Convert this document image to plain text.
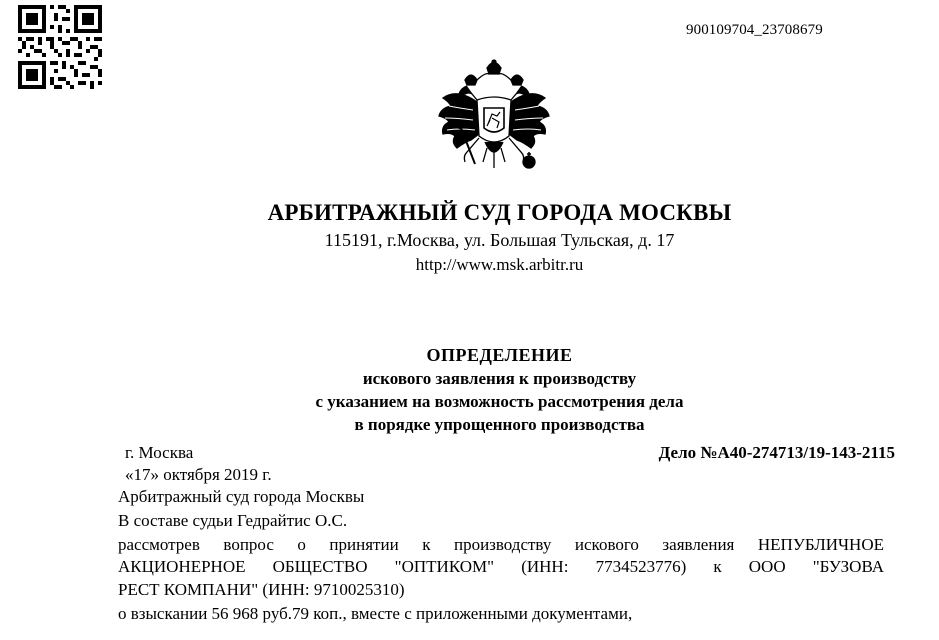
900109704_23708679
АРБИТРАЖНЫЙ СУД ГОРОДА МОСКВЫ
115191, г.Москва, ул. Большая Тульская, д. 17
http://www.msk.arbitr.ru
ОПРЕДЕЛЕНИЕ
искового заявления к производству
с указанием на возможность рассмотрения дела
в порядке упрощенного производства
г. Москва	Дело №А40-274713/19-143-2115
«17» октября 2019 г.
Арбитражный суд города Москвы
В составе судьи Гедрайтис О.С.
рассмотрев вопрос о принятии к производству искового заявления НЕПУБЛИЧНОЕ
АКЦИОНЕРНОЕ ОБЩЕСТВО "ОПТИКОМ" (ИНН: 7734523776) к ООО "БУЗОВА
РЕСТ КОМПАНИ" (ИНН: 9710025310)
о взыскании 56 968 руб.79 коп., вместе с приложенными документами,
